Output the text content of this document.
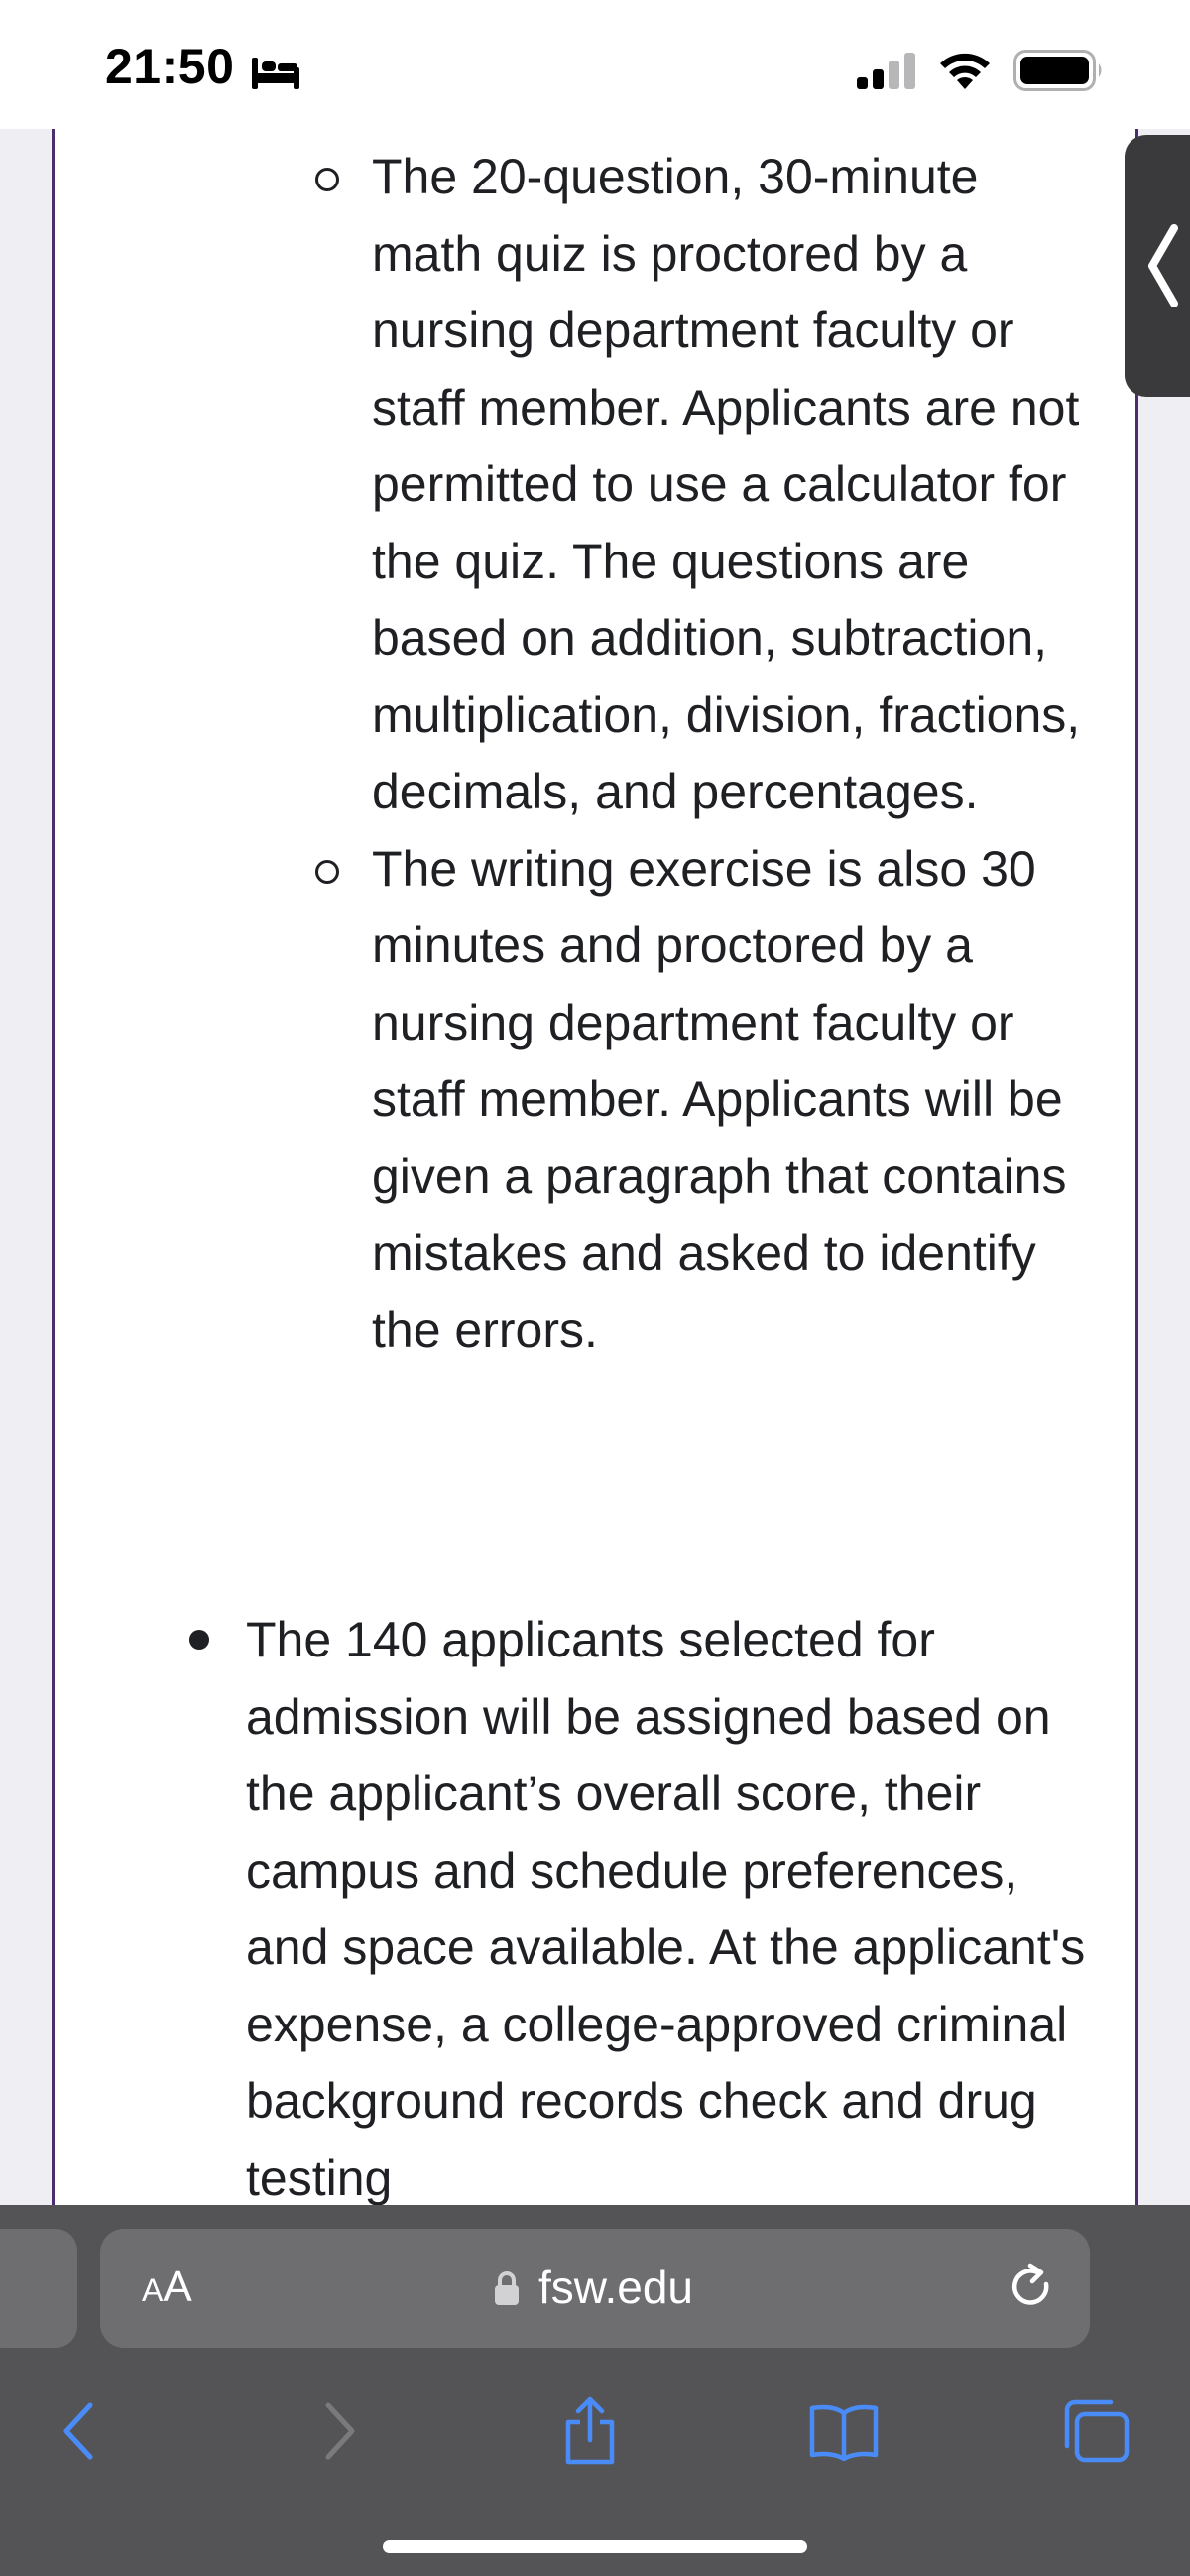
The 20-question, 30-minute math quiz is proctored by a nursing department faculty or staff member. Applicants are not permitted to use a calculator for the quiz. The questions are based on addition, subtraction, multiplication, division, fractions, decimals, and percentages.
The writing exercise is also 30 minutes and proctored by a nursing department faculty or staff member. Applicants will be given a paragraph that contains mistakes and asked to identify the errors.
The 140 applicants selected for admission will be assigned based on the applicant’s overall score, their campus and schedule preferences, and space available. At the applicant's expense, a college-approved criminal background records check and drug testing
21:50
AA	fsw.edu
